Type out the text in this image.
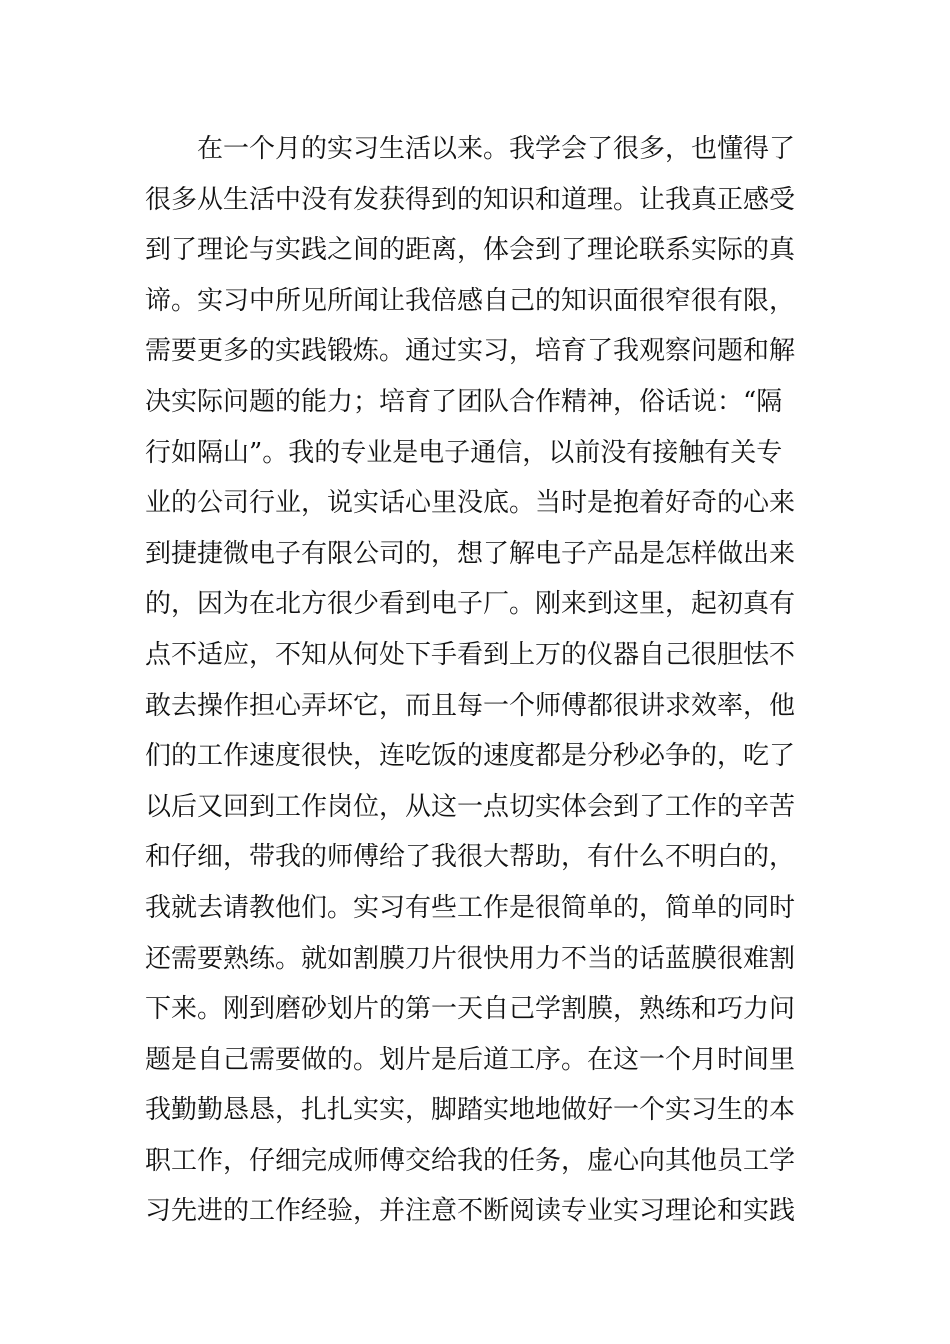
在一个月的实习生活以来。我学会了很多，也懂得了
很多从生活中没有发获得到的知识和道理。让我真正感受
到了理论与实践之间的距离，体会到了理论联系实际的真
谛。实习中所见所闻让我倍感自己的知识面很窄很有限，
需要更多的实践锻炼。通过实习，培育了我观察问题和解
决实际问题的能力；培育了团队合作精神，俗话说：“隔
行如隔山”。我的专业是电子通信，以前没有接触有关专
业的公司行业，说实话心里没底。当时是抱着好奇的心来
到捷捷微电子有限公司的，想了解电子产品是怎样做出来
的，因为在北方很少看到电子厂。刚来到这里，起初真有
点不适应，不知从何处下手看到上万的仪器自己很胆怯不
敢去操作担心弄坏它，而且每一个师傅都很讲求效率，他
们的工作速度很快，连吃饭的速度都是分秒必争的，吃了
以后又回到工作岗位，从这一点切实体会到了工作的辛苦
和仔细，带我的师傅给了我很大帮助，有什么不明白的，
我就去请教他们。实习有些工作是很简单的，简单的同时
还需要熟练。就如割膜刀片很快用力不当的话蓝膜很难割
下来。刚到磨砂划片的第一天自己学割膜，熟练和巧力问
题是自己需要做的。划片是后道工序。在这一个月时间里
我勤勤恳恳，扎扎实实，脚踏实地地做好一个实习生的本
职工作，仔细完成师傅交给我的任务，虚心向其他员工学
习先进的工作经验，并注意不断阅读专业实习理论和实践
